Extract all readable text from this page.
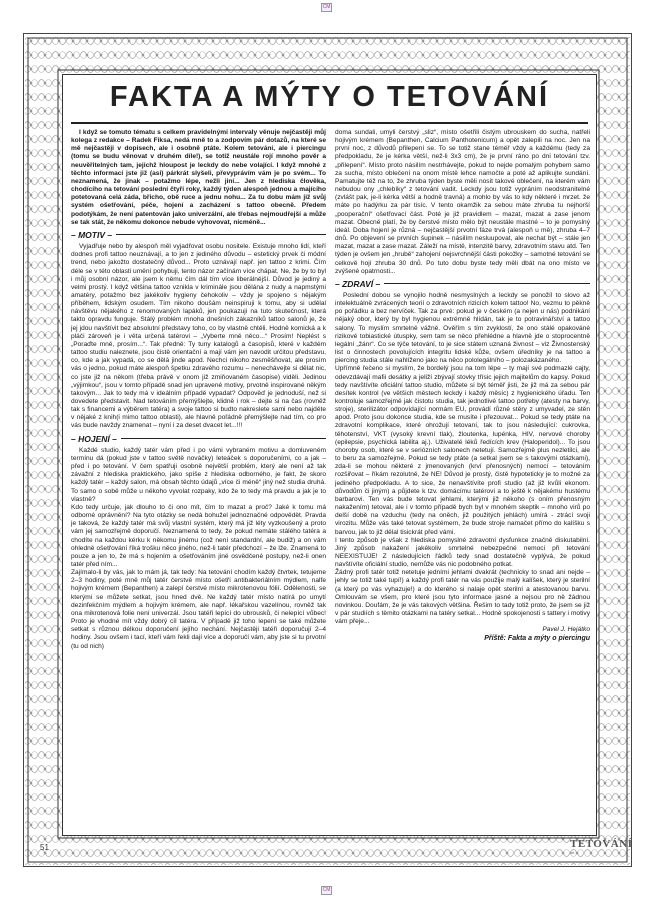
CM
CM
FAKTA A MÝTY O TETOVÁNÍ

I když se tomuto tématu s celkem pravidelnými intervaly věnuje nejčastěji můj kolega z redakce – Radek Fiksa, nedá mně to a zodpovím pár dotazů, na které se mě nejčastěji v dopisech, ale i osobně ptáte. Kolem tetování, ale i piercingu (tomu se budu věnovat v druhém díle!), se totiž neustále rojí mnoho pověr a neuvěřitelných tam, jejichž hloupost je leckdy do nebe volající. I když mnohé z těchto informací jste již (asi) párkrát slyšeli, převyprávím vám je po svém... To neznamená, že jinak – potažmo lépe, nežli jiní... Jen z hlediska člověka, chodícího na tetování poslední čtyři roky, každý týden alespoň jednou a majícího potetovaná celá záda, břicho, obě ruce a jednu nohu... Za tu dobu mám již svůj systém ošetřování, péče, hojení a zacházení s tattoo obecně. Předem podotýkám, že není patentován jako univerzální, ale třebas nejmoudřejší a může se tak stát, že někomu dokonce nebude vyhovovat, nicméně...

– MOTIV –

Vyjadřuje nebo by alespoň měl vyjadřovat osobu nositele. Existuje mnoho lidí, kteří dodnes profi tattoo neuznávají, a to jen z jediného důvodu – estetický prvek či módní trend, nebo jakožto dostatečný důvod... Proto uznávají např. jen tattoo z krimi. Čím déle se v této oblasti umění pohybuji, tento názor začínám více chápat. Ne, že by to byl i můj osobní názor, ale jsem k němu čím dál tím více liberálnější. Důvod je jediný a velmi prostý. I když většina tattoo vznikla v kriminále jsou dělána z nudy a napmstými amatéry, potažmo bez jakékoliv hygieny čehokoliv – vždy je spojeno s nějakým příběhem, lidským osudem. Tím nikoho doušám neinspiruji k tomu, aby si udělal návštěvu nějakého z renomovaných lapáků, jen poukazuji na tuto skutečnost, která takto opravdu funguje. Stálý problém mnoha dnešních zákazníků tattoo salonů je, že jej jdou navštívit bez absolutní představy toho, co by vlastně chtěli. Hodně komická a k pláči zároveň je i věta určená tatérovi – „Vyberte mně něco...“ Prosím! Neplést s „Poraďte mně, prosím...“. Tak předně: Ty tuny katalogů a časopisů, které v každém tattoo studiu naleznete, jsou čistě orientační a mají vám jen navodit určitou představu, co, kde a jak vypadá, co se dělá jinde apod. Nechci nikoho zesměšňovat, ale prosím vás o jedno, pokud máte alespoň špetku zdravého rozumu – nenechávejte si dělat nic, co jste již na někom (třeba právě v onom již zmiňovaném časopise) viděli. Jedinou „výjimkou“, jsou v tomto případě snad jen upravené motivy, prvotně inspirované někým takovým... Jak to tedy má v ideálním případě vypadat? Odpověď je jednoduší, než si dovedete představit. Nad tetováním přemýšlejte, klidně i rok – dejte si na čas (rovněž tak s financemi a výběrem tatéra) a svoje tattoo si budto nakreslete sami nebo najděte v nějaké z knih(i mimo tattoo oblasti), ale hlavně poľádně přemýšlejte nad tím, co pro vás bude navždy znamenat – nyní i za deset dvacet let...!!!

– HOJENÍ –

Každé studio, každý tatér vám před i po vámi vybraném motivu a domluveném termínu dá (pokud jste v tattoo světě nováčky) leteáček s doporučeními, co a jak – před i po tetování. V čem spatřuji osobně největší problém, který ale není až tak závažní z hlediska praktického, jako spíše z hlediska odborného, je fakt, že skoro každý tatér – každý salon, má obsah těchto údajů „více či méně“ jiný než studia druhá. To samo o sobě může u někoho vyvolat rozpaky, kdo že to tedy má pravdu a jak je to vlastně?
Kdo tedy určuje, jak dlouho to či ono mít, čím to mazat a proč? Jaké k tomu má odborné oprávnění? Na tyto otázky se nedá bohužel jednoznačné odpovědět. Pravda je taková, že každý tatér má svůj vlastní systém, který má již léty vyzkoušený a proto vám jej samozřejmě doporučí. Neznamená to tedy, že pokud nemáte stálého tatéra a chodíte na každou kérku k někomu jinému (což není standardní, ale budiž) a on vám ohledně ošetřování říká trošku něco jiného, než-li tatér předchozí – že lže. Znamená to pouze a jen to, že má s hojením a ošetřováním jiné osvědčené postupy, než-li onen tatér před ním...
Zajímalo-li by vás, jak to mám já, tak tedy: Na tetování chodím každý čtvrtek, tetujeme 2–3 hodiny, poté mně můj tatér čerstvě místo ošetří antibakteriálním mýdlem, nalfe hojivým krémem (Bepanthen) a zalepí čerstvé místo mikrotenovou fólií. Odělenosti, se kterými se můžete setkat, jsou hned dvě. Ne každý tatér místo natírá po umytí dezinfekčním mýdlem a hojivým krémem, ale např. lékařskou vazelínou, rovněž tak ona mikrotenová folie není univerzál. Jsou tatéři lepící do ubrousků, či nelepící vůbec! Proto je vhodné mít vždy dobrý cíl tatéra. V případě již toho lepení se také můžete setkat s různou délkou doporučení jejího nechání. Nejčastěji tatéři doporučují 2–4 hodiny. Jsou ovšem i tací, kteří vám řekli dají více a doporučí vám, aby jste si tu prvotní (tu od nich)

doma sundali, umyli čerstvý „sliz“, místo ošetřili čistým ubrouskem do sucha, natřeli hojivým krémem (Bepanthen, Calcium Panthotenicum) a opět zalepili na noc. Jen na první noc, z důvodů přilepení se. To se totiž stane téměř vždy a každému (tedy za předpokladu, že je kérka větší, než-li 3x3 cm), že je první ráno po dni tetování tzv. „přilepení“. Místo proto násilím nestrhávejte, pokud to nejde pomalým pohybem samo za sucha, místo oblečení na onom místě lehce namočte a poté až aplikujte sundání. Pamatujte též na to, že zhruba týden byste měli nosit takové oblečení, na kterém vám nebudou ony „chlebíky“ z tetování vadit. Leckdy jsou totiž vypráním neodstranitelné (zvlášt pak, je-li kérka větší a hodně travná) a mohlo by vás to kdy některé i mrzet. že máte po hadýrku za pár tisíc. V tento okamžik za sebou máte zhruba tu nejhorší „pooperační“ ošetřovací část. Poté je již pravidlem – mazat, mazat a zase jenom mazat. Obecně platí, že by čerstvé místo mělo být neustále mastné – to je pomyslný ideál. Doba hojení je různá – nejčastější prvotní fáze trvá (alespoň u mě), zhruba 4–7 dnů. Po objevení se prvních šupinek – násilím nesluupovat, ale nechat být – stále jen mazat, mazat a zase mazat. Záleží na místě, intenzitě barvy, zdravotním stavu atd. Ten týden je ovšem jen „hrubě“ zahojení nejsvrchnější části pokožky – samotné tetování se celkově hojí zhruba 30 dnů. Po tuto dobu byste tedy měli dbát na ono místo ve zvýšené opatrnosti...

– ZDRAVÍ –

Poslední dobou se vynojilo hodně nesmyslných a leckdy se ponožíl to slovo až intelektuálně zvrácených teorií o zdravotních rizicích kolem tattoo! No, vezmu to pěkně po pořádku a bez nervíček. Tak za prvé: pokud je v českém (a nejen u nás) podnikání nějaký obor, který by byl hygienou extrémně hlídán, tak je to potravinářství a tattoo salony. To myslím smrtelně vážně. Ověřím s tím zvyklostí, že ono stálé opakováné rizikové tobiastické útuspky, sem tam se něco přehlédne a hlavně jde o stoprocentně legální „žánr“. Co se týče tetování, to je sice státem uznaná živnost – viz Živnostenský list o činnostech povolujících integritu lidské kůže, ovšem úředníky je na tattoo a piercing studia stále nahlíženo jako na něco pololegálního – polozakázaného.
Upřímně řečeno si myslím, že bordelý jsou na tom lépe – ty mají své podmazlé cajty, odevzdávají mafii desátky a jeliží zbývají stovky třísic jejich majitelům do kapsy. Pokud tedy navštívíte oficiální tattoo studio, můžete si být téměř jisti, že již má za sebou pár desítek kontrol (ve většich městech leckdy i každý měsíc) z hygienického úřadu. Ten kontroluje samozřejmě jak čistotu studia, tak jednotlivé tattoo potřeby (atesty na barvy, stroje), sterilizátor odpovídající normám EU, provádí různé stěry z umyvadel, ze stěn apod. Proto jsou dokonce studia, kde se musíte i přezouvat... Pokud se tedy ptáte na zdravotní komplikace, které ohrožují tetovaní, tak to jsou následující: cukrovka, těhotenství, VKT (vysoký krevní tlak), žloutenka, lupénka, HIV, nervové choroby (epilepsie, psychická labilita aj.). Uživatelé léků ředících krev (Haloperidol)... To jsou choroby osob, které se v seriózních salonech netetují. Samozřejmě plus nezletilci, ale to beru za samozřejmé. Pokud se tedy ptáte (a setkal jsem se s takovými otázkami), zda-li se mohou některé z jmenovaných (krví přenosných) nemocí – tetováním rozšiřovat – říkám rezolutně, že NE! Důvod je prostý, čistě hypoteticky je to možné za jediného předpokladu. A to sice, že nenavštívíte profi studio (až již kvůli ekonom. důvodům či jiným) a půjdete k tzv. domácímu tatérovi a to ještě k nějakému hustému barbarovi. Ten vás bude tetovat jehlami, kterými již někoho (s oním přenosným nakažením) tetoval, ale i v tomto případě bych byl v mnohém skeptik – mnoho virů po delší době na vzduchu (tedy na oněch, již použitých jehlách) umírá - ztrácí svoji virozitu. Může vás také tetovat systémem, že bude stroje namačet přímo do kalíšku s barvou, jak to již dělal tisickrát před vámi.
I tento způsob je však z hlediska pomyslné zdravotní dysfunkce značně diskutabilní. Jiný způsob nakažení jakékoliv smrtelné nebezpečné nemoci při tetování NEEXISTUJE! Z následujících řádků tedy snad dostatečně vyplývá, že pokud navštívíte oficiální studio, nemůže vás nic podobného potkat.
Žádný profi tatér totiž netetuje jedními jehlami dvakrát (technicky to snad ani nejde – jehly se totiž také tupí!) a každý profi tatér na vás použije malý kalíšek, který je sterilní (a který po vás vyhazuje!) a do kterého si nalaje opět sterilní a atestovanou barvu. Omlouvám se všem, pro které jsou tyto informace jasné a nejsou pro ně žádnou novinkou. Doufám, že je vás takových většina. Řešim to tady totiž proto, že jsem se již v pár studiích s těmito otázkami na tatéry setkal... Hodně spokojenosti s tattery i motivy vám přeje...

Pavel J. Hejátko

Příště: Fakta a mýty o piercingu

51	TETOVÁNÍ
art
